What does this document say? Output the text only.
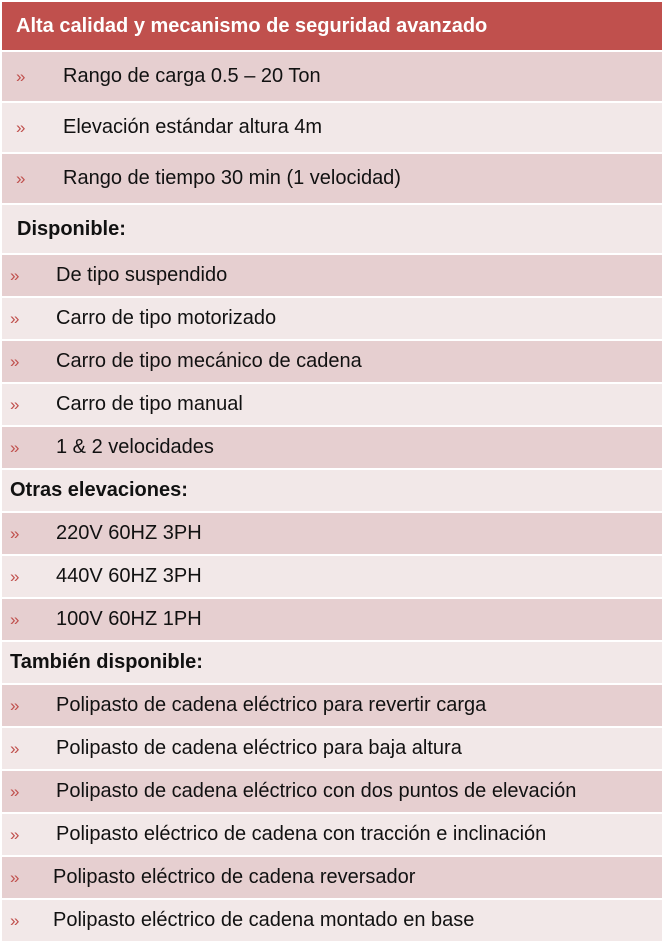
Alta calidad y mecanismo de seguridad avanzado
» Rango de carga 0.5 – 20 Ton
» Elevación estándar altura 4m
» Rango de tiempo 30 min (1 velocidad)
Disponible:
» De tipo suspendido
» Carro de tipo motorizado
» Carro de tipo mecánico de cadena
» Carro de tipo manual
» 1 & 2 velocidades
Otras elevaciones:
» 220V 60HZ 3PH
» 440V 60HZ 3PH
» 100V 60HZ 1PH
También disponible:
» Polipasto de cadena eléctrico para revertir carga
» Polipasto de cadena eléctrico para baja altura
» Polipasto de cadena eléctrico con dos puntos de elevación
» Polipasto eléctrico de cadena con tracción e inclinación
» Polipasto eléctrico de cadena reversador
» Polipasto eléctrico de cadena montado en base
